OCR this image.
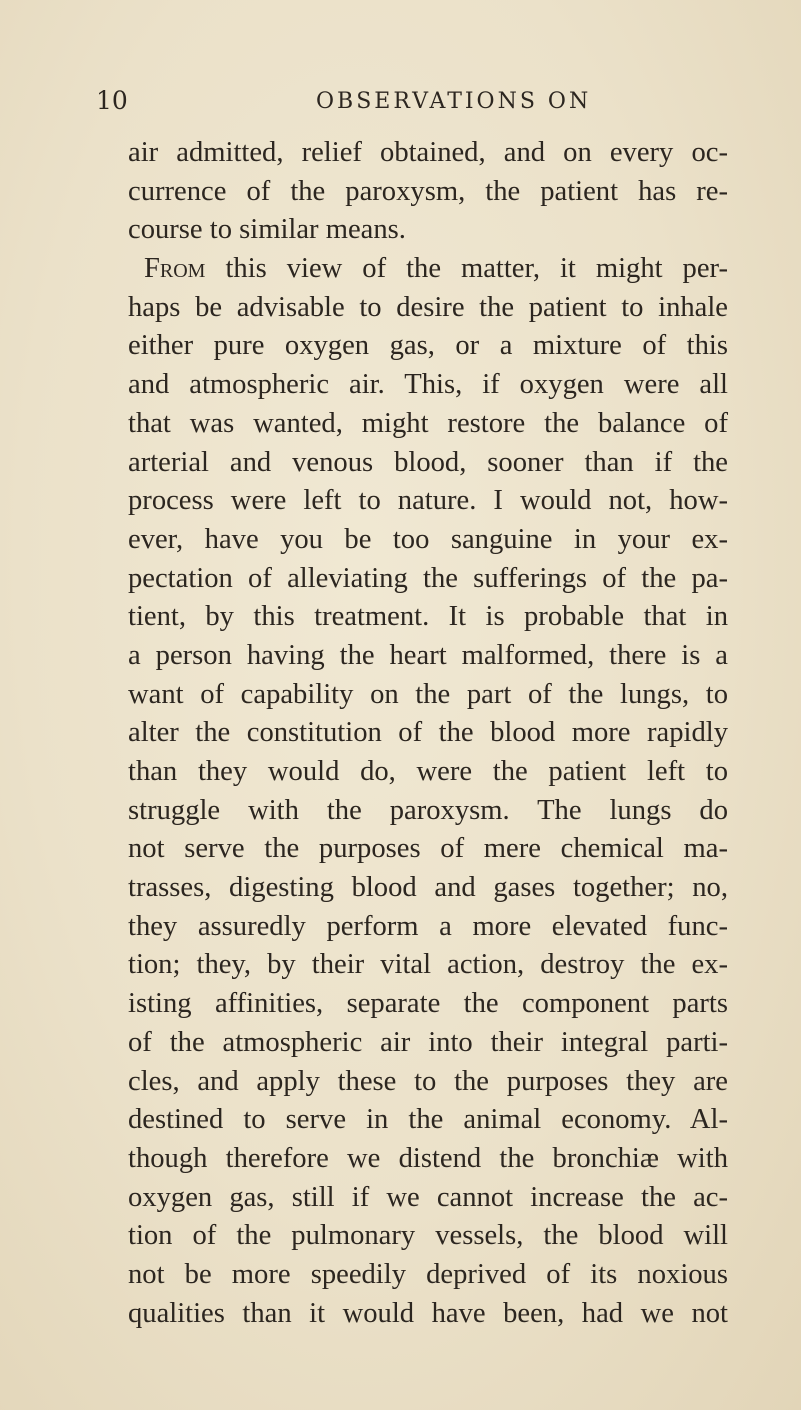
10	OBSERVATIONS ON
air admitted, relief obtained, and on every oc-
currence of the paroxysm, the patient has re-
course to similar means.
From this view of the matter, it might per-
haps be advisable to desire the patient to inhale
either pure oxygen gas, or a mixture of this
and atmospheric air. This, if oxygen were all
that was wanted, might restore the balance of
arterial and venous blood, sooner than if the
process were left to nature. I would not, how-
ever, have you be too sanguine in your ex-
pectation of alleviating the sufferings of the pa-
tient, by this treatment. It is probable that in
a person having the heart malformed, there is a
want of capability on the part of the lungs, to
alter the constitution of the blood more rapidly
than they would do, were the patient left to
struggle with the paroxysm. The lungs do
not serve the purposes of mere chemical ma-
trasses, digesting blood and gases together; no,
they assuredly perform a more elevated func-
tion; they, by their vital action, destroy the ex-
isting affinities, separate the component parts
of the atmospheric air into their integral parti-
cles, and apply these to the purposes they are
destined to serve in the animal economy. Al-
though therefore we distend the bronchiæ with
oxygen gas, still if we cannot increase the ac-
tion of the pulmonary vessels, the blood will
not be more speedily deprived of its noxious
qualities than it would have been, had we not
